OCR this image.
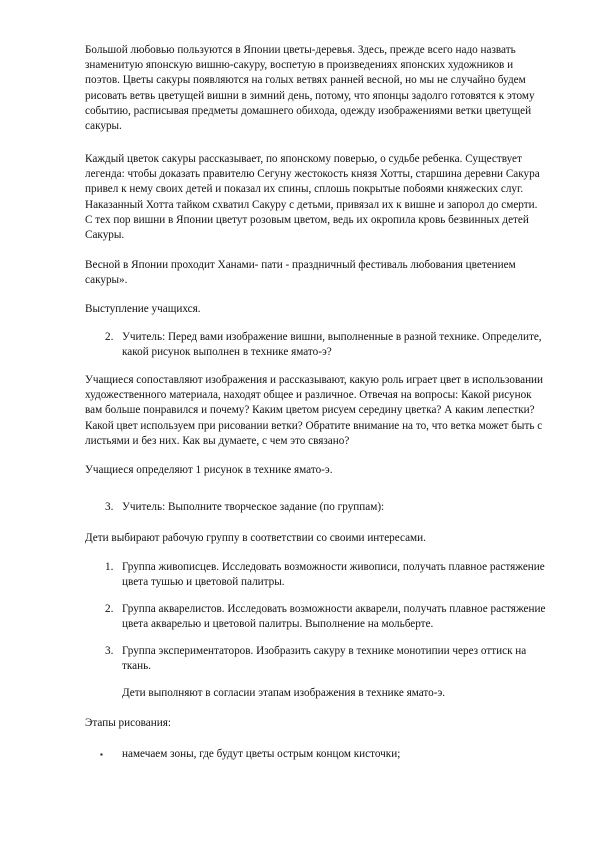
Большой любовью пользуются в Японии цветы-деревья. Здесь, прежде всего надо назвать знаменитую японскую вишню-сакуру, воспетую в произведениях японских художников и поэтов. Цветы сакуры появляются на голых ветвях ранней весной, но мы не случайно будем рисовать ветвь цветущей вишни в зимний день, потому, что японцы задолго готовятся к этому событию, расписывая предметы домашнего обихода, одежду изображениями ветки цветущей сакуры.

Каждый цветок сакуры рассказывает, по японскому поверью, о судьбе ребенка. Существует легенда: чтобы доказать правителю Сегуну жестокость князя Хотты, старшина деревни Сакура привел к нему своих детей и показал их спины, сплошь покрытые побоями княжеских слуг. Наказанный Хотта тайком схватил Сакуру с детьми, привязал их к вишне и запорол до смерти. С тех пор вишни в Японии цветут розовым цветом, ведь их окропила кровь безвинных детей Сакуры.

Весной в Японии проходит Ханами- пати - праздничный фестиваль любования цветением сакуры».

Выступление учащихся.

2. Учитель: Перед вами изображение вишни, выполненные в разной технике. Определите, какой рисунок выполнен в технике ямато-э?

Учащиеся сопоставляют изображения и рассказывают, какую роль играет цвет в использовании художественного материала, находят общее и различное. Отвечая на вопросы: Какой рисунок вам больше понравился и почему? Каким цветом рисуем середину цветка? А каким лепестки? Какой цвет используем при рисовании ветки? Обратите внимание на то, что ветка может быть с листьями и без них. Как вы думаете, с чем это связано?

Учащиеся определяют 1 рисунок в технике ямато-э.

3. Учитель: Выполните творческое задание (по группам):

Дети выбирают рабочую группу в соответствии со своими интересами.

1. Группа живописцев. Исследовать возможности живописи, получать плавное растяжение цвета тушью и цветовой палитры.
2. Группа акварелистов. Исследовать возможности акварели, получать плавное растяжение цвета акварелью и цветовой палитры. Выполнение на мольберте.
3. Группа экспериментаторов. Изобразить сакуру в технике монотипии через оттиск на ткань.

Дети выполняют в согласии этапам изображения в технике ямато-э.

Этапы рисования:

▪ намечаем зоны, где будут цветы острым концом кисточки;
